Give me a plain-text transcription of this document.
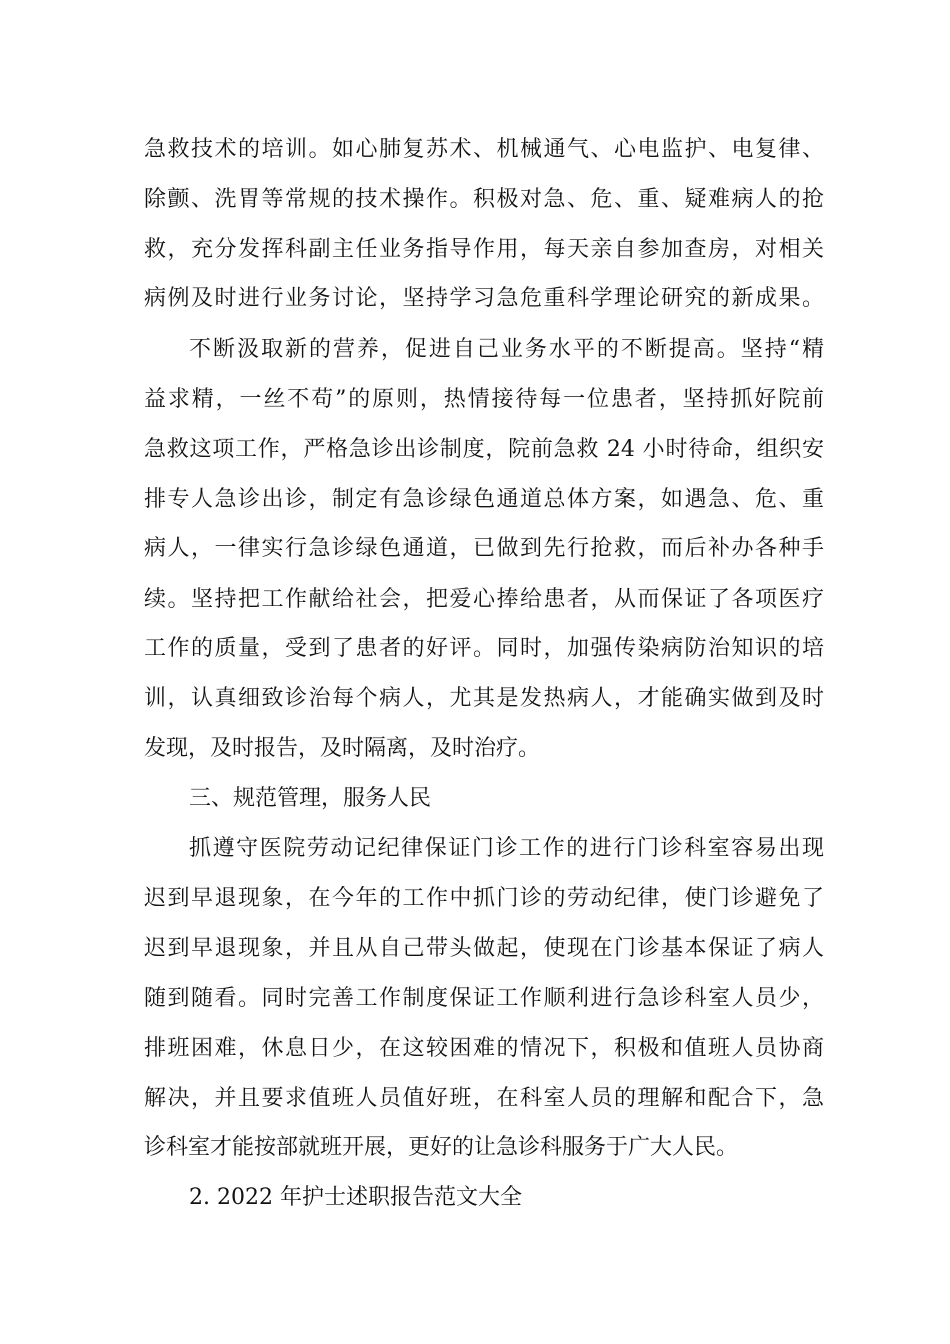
急救技术的培训。如心肺复苏术、机械通气、心电监护、电复律、
除颤、洗胃等常规的技术操作。积极对急、危、重、疑难病人的抢
救，充分发挥科副主任业务指导作用，每天亲自参加查房，对相关
病例及时进行业务讨论，坚持学习急危重科学理论研究的新成果。
不断汲取新的营养，促进自己业务水平的不断提高。坚持“精
益求精，一丝不苟”的原则，热情接待每一位患者，坚持抓好院前
急救这项工作，严格急诊出诊制度，院前急救 24 小时待命，组织安
排专人急诊出诊，制定有急诊绿色通道总体方案，如遇急、危、重
病人，一律实行急诊绿色通道，已做到先行抢救，而后补办各种手
续。坚持把工作献给社会，把爱心捧给患者，从而保证了各项医疗
工作的质量，受到了患者的好评。同时，加强传染病防治知识的培
训，认真细致诊治每个病人，尤其是发热病人，才能确实做到及时
发现，及时报告，及时隔离，及时治疗。
三、规范管理，服务人民
抓遵守医院劳动记纪律保证门诊工作的进行门诊科室容易出现
迟到早退现象，在今年的工作中抓门诊的劳动纪律，使门诊避免了
迟到早退现象，并且从自己带头做起，使现在门诊基本保证了病人
随到随看。同时完善工作制度保证工作顺利进行急诊科室人员少，
排班困难，休息日少，在这较困难的情况下，积极和值班人员协商
解决，并且要求值班人员值好班，在科室人员的理解和配合下，急
诊科室才能按部就班开展，更好的让急诊科服务于广大人民。
2. 2022 年护士述职报告范文大全
